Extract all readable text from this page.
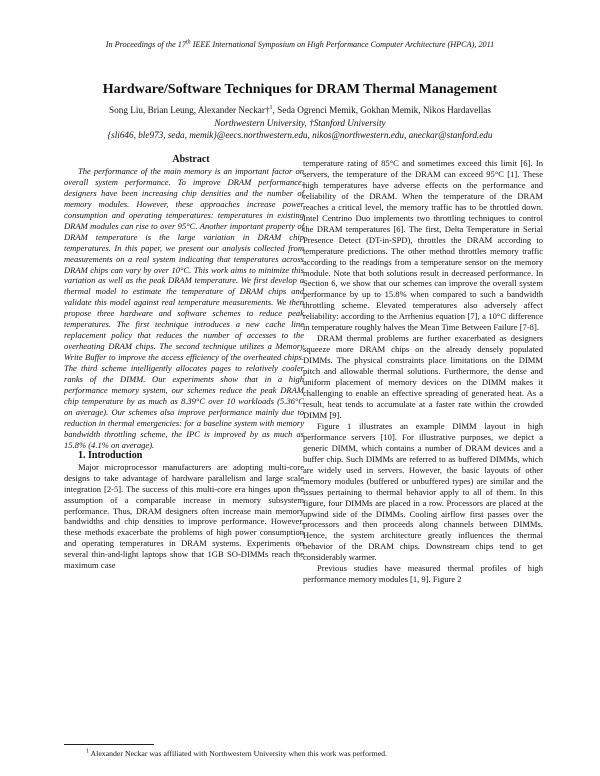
In Proceedings of the 17th IEEE International Symposium on High Performance Computer Architecture (HPCA), 2011
Hardware/Software Techniques for DRAM Thermal Management
Song Liu, Brian Leung, Alexander Neckar†$^1$, Seda Ogrenci Memik, Gokhan Memik, Nikos Hardavellas
Northwestern University, †Stanford University
{sli646, ble973, seda, memik}@eecs.northwestern.edu, nikos@northwestern.edu, aneckar@stanford.edu

Abstract

The performance of the main memory is an important factor on overall system performance. To improve DRAM performance, designers have been increasing chip densities and the number of memory modules. However, these approaches increase power consumption and operating temperatures: temperatures in existing DRAM modules can rise to over 95°C. Another important property of DRAM temperature is the large variation in DRAM chip temperatures. In this paper, we present our analysis collected from measurements on a real system indicating that temperatures across DRAM chips can vary by over 10°C. This work aims to minimize this variation as well as the peak DRAM temperature. We first develop a thermal model to estimate the temperature of DRAM chips and validate this model against real temperature measurements. We then propose three hardware and software schemes to reduce peak temperatures. The first technique introduces a new cache line replacement policy that reduces the number of accesses to the overheating DRAM chips. The second technique utilizes a Memory Write Buffer to improve the access efficiency of the overheated chips. The third scheme intelligently allocates pages to relatively cooler ranks of the DIMM. Our experiments show that in a high performance memory system, our schemes reduce the peak DRAM chip temperature by as much as 8.39°C over 10 workloads (5.36°C on average). Our schemes also improve performance mainly due to reduction in thermal emergencies: for a baseline system with memory bandwidth throttling scheme, the IPC is improved by as much as 15.8% (4.1% on average).

1. Introduction

Major microprocessor manufacturers are adopting multi-core designs to take advantage of hardware parallelism and large scale integration [2-5]. The success of this multi-core era hinges upon the assumption of a comparable increase in memory subsystem performance. Thus, DRAM designers often increase main memory bandwidths and chip densities to improve performance. However, these methods exacerbate the problems of high power consumption and operating temperatures in DRAM systems. Experiments on several thin-and-light laptops show that 1GB SO-DIMMs reach the maximum case

temperature rating of 85°C and sometimes exceed this limit [6]. In servers, the temperature of the DRAM can exceed 95°C [1]. These high temperatures have adverse effects on the performance and reliability of the DRAM. When the temperature of the DRAM reaches a critical level, the memory traffic has to be throttled down. Intel Centrino Duo implements two throttling techniques to control the DRAM temperatures [6]. The first, Delta Temperature in Serial Presence Detect (DT-in-SPD), throttles the DRAM according to temperature predictions. The other method throttles memory traffic according to the readings from a temperature sensor on the memory module. Note that both solutions result in decreased performance. In Section 6, we show that our schemes can improve the overall system performance by up to 15.8% when compared to such a bandwidth throttling scheme. Elevated temperatures also adversely affect reliability: according to the Arrhenius equation [7], a 10°C difference in temperature roughly halves the Mean Time Between Failure [7-8].

DRAM thermal problems are further exacerbated as designers squeeze more DRAM chips on the already densely populated DIMMs. The physical constraints place limitations on the DIMM pitch and allowable thermal solutions. Furthermore, the dense and uniform placement of memory devices on the DIMM makes it challenging to enable an effective spreading of generated heat. As a result, heat tends to accumulate at a faster rate within the crowded DIMM [9].

Figure 1 illustrates an example DIMM layout in high performance servers [10]. For illustrative purposes, we depict a generic DIMM, which contains a number of DRAM devices and a buffer chip. Such DIMMs are referred to as buffered DIMMs, which are widely used in servers. However, the basic layouts of other memory modules (buffered or unbuffered types) are similar and the issues pertaining to thermal behavior apply to all of them. In this figure, four DIMMs are placed in a row. Processors are placed at the upwind side of the DIMMs. Cooling airflow first passes over the processors and then proceeds along channels between DIMMs. Hence, the system architecture greatly influences the thermal behavior of the DRAM chips. Downstream chips tend to get considerably warmer.

Previous studies have measured thermal profiles of high performance memory modules [1, 9]. Figure 2

$^1$ Alexander Neckar was affiliated with Northwestern University when this work was performed.
